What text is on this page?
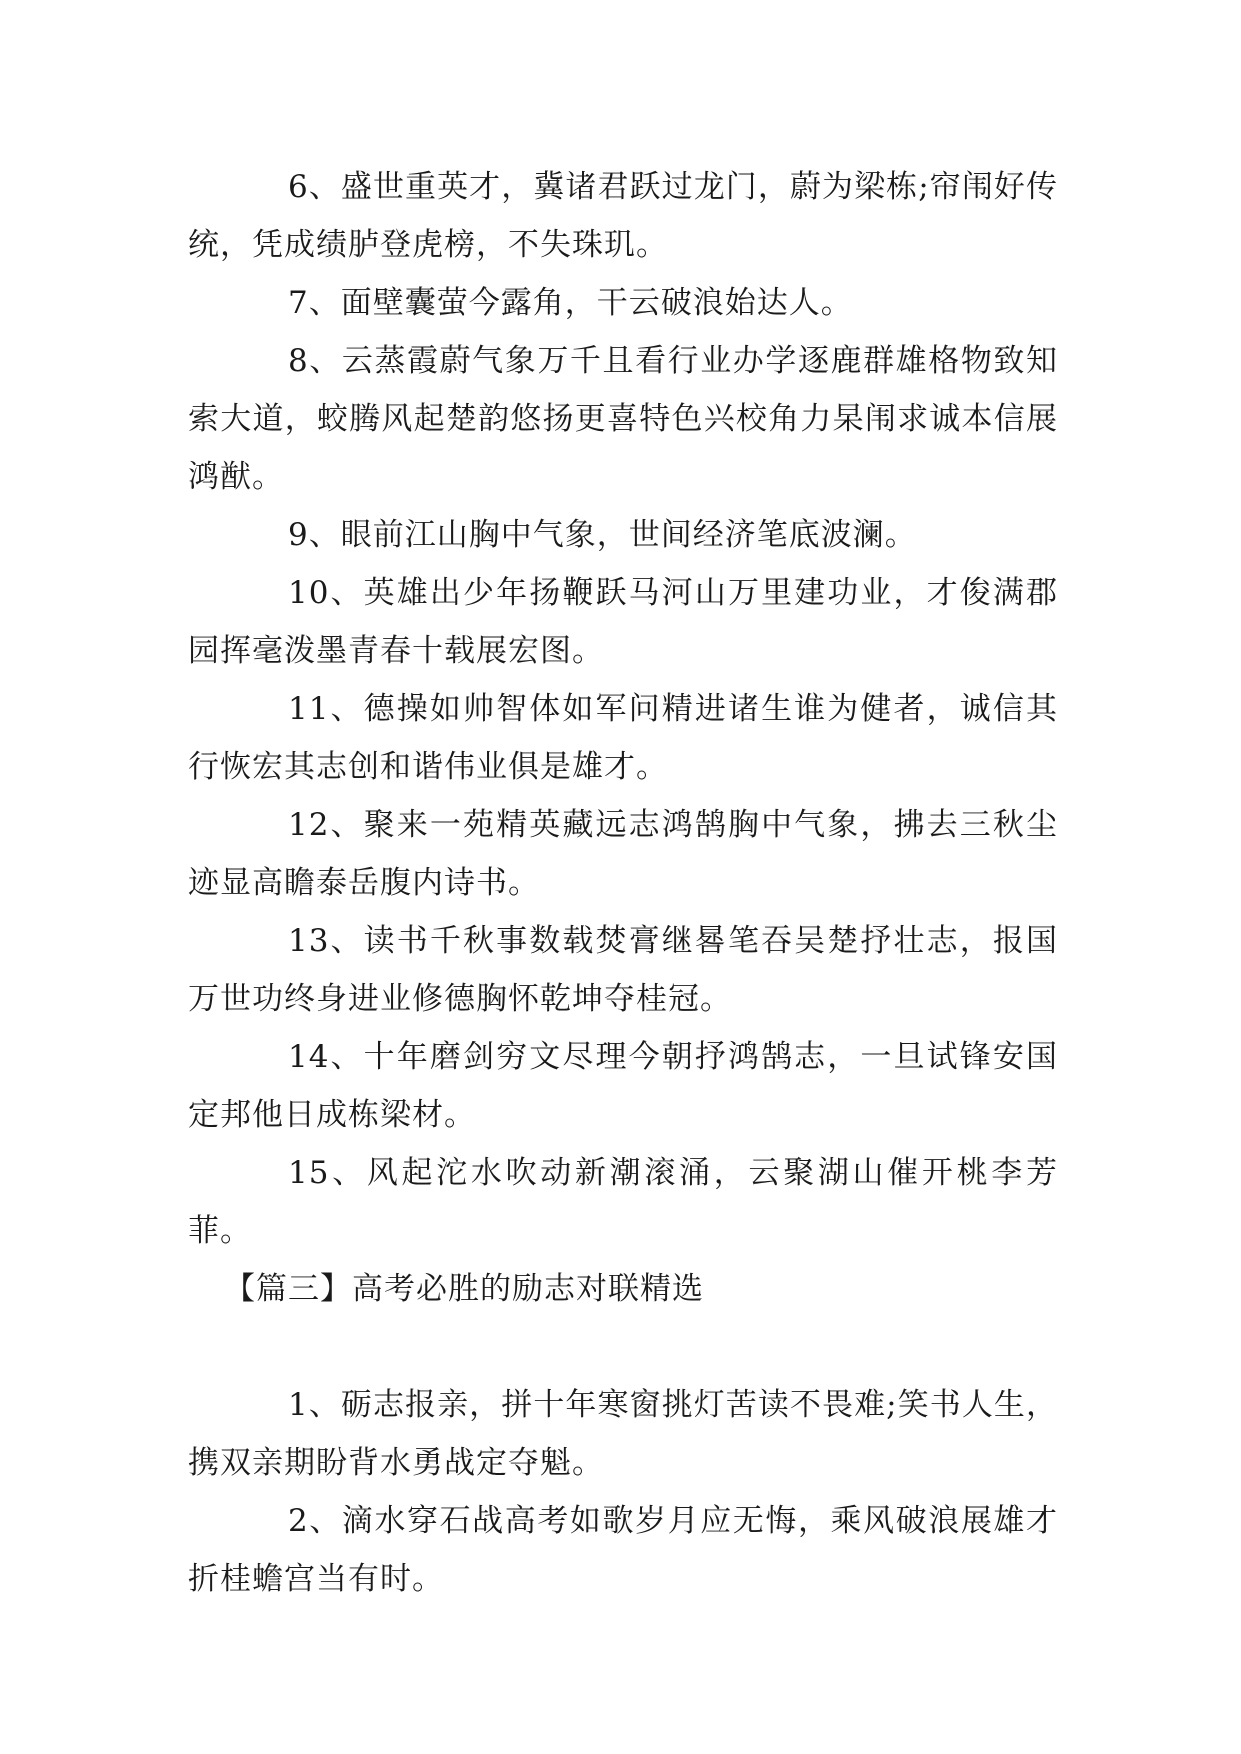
6、盛世重英才，冀诸君跃过龙门，蔚为梁栋;帘闱好传统，凭成绩胪登虎榜，不失珠玑。

7、面壁囊萤今露角，干云破浪始达人。

8、云蒸霞蔚气象万千且看行业办学逐鹿群雄格物致知索大道，蛟腾风起楚韵悠扬更喜特色兴校角力杲闱求诚本信展鸿猷。

9、眼前江山胸中气象，世间经济笔底波澜。

10、英雄出少年扬鞭跃马河山万里建功业，才俊满郡园挥毫泼墨青春十载展宏图。

11、德操如帅智体如军问精进诸生谁为健者，诚信其行恢宏其志创和谐伟业俱是雄才。

12、聚来一苑精英藏远志鸿鹄胸中气象，拂去三秋尘迹显高瞻泰岳腹内诗书。

13、读书千秋事数载焚膏继晷笔吞吴楚抒壮志，报国万世功终身进业修德胸怀乾坤夺桂冠。

14、十年磨剑穷文尽理今朝抒鸿鹄志，一旦试锋安国定邦他日成栋梁材。

15、风起沱水吹动新潮滚涌，云聚湖山催开桃李芳菲。

【篇三】高考必胜的励志对联精选

1、砺志报亲，拼十年寒窗挑灯苦读不畏难;笑书人生，携双亲期盼背水勇战定夺魁。

2、滴水穿石战高考如歌岁月应无悔，乘风破浪展雄才折桂蟾宫当有时。
